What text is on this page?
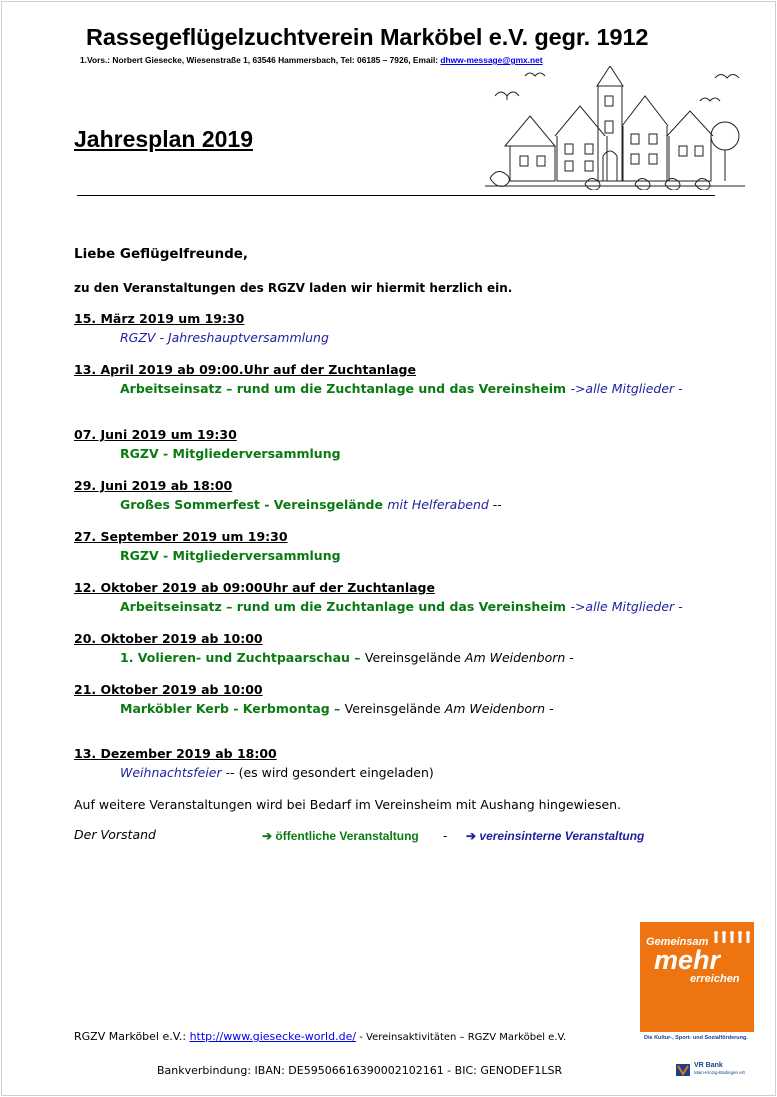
Rassegeflügelzuchtverein Marköbel e.V. gegr. 1912
1.Vors.: Norbert Giesecke, Wiesenstraße 1, 63546 Hammersbach, Tel: 06185 – 7926, Email: dhww-message@gmx.net
Jahresplan 2019
Liebe Geflügelfreunde,
zu den Veranstaltungen des RGZV laden wir hiermit herzlich ein.
15. März 2019 um 19:30
RGZV - Jahreshauptversammlung
13. April 2019 ab 09:00.Uhr auf der Zuchtanlage
Arbeitseinsatz – rund um die Zuchtanlage und das Vereinsheim ->alle Mitglieder -
07. Juni 2019 um 19:30
RGZV - Mitgliederversammlung
29. Juni 2019 ab 18:00
Großes Sommerfest - Vereinsgelände mit Helferabend --
27. September 2019 um 19:30
RGZV - Mitgliederversammlung
12. Oktober 2019 ab 09:00Uhr auf der Zuchtanlage
Arbeitseinsatz – rund um die Zuchtanlage und das Vereinsheim ->alle Mitglieder -
20. Oktober 2019 ab 10:00
1. Volieren- und Zuchtpaarschau – Vereinsgelände Am Weidenborn -
21. Oktober 2019 ab 10:00
Marköbler Kerb - Kerbmontag – Vereinsgelände Am Weidenborn -
13. Dezember 2019 ab 18:00
Weihnachtsfeier -- (es wird gesondert eingeladen)
Auf weitere Veranstaltungen wird bei Bedarf im Vereinsheim mit Aushang hingewiesen.
Der Vorstand	➔ öffentliche Veranstaltung - ➔ vereinsinterne Veranstaltung
Gemeinsam
mehr
erreichen
Die Kultur-, Sport- und Sozialförderung.
RGZV Marköbel e.V.: http://www.giesecke-world.de/ - Vereinsaktivitäten – RGZV Marköbel e.V.
Bankverbindung: IBAN: DE59506616390002102161 - BIC: GENODEF1LSR	VR Bank
Main-Kinzig-Büdingen eG
